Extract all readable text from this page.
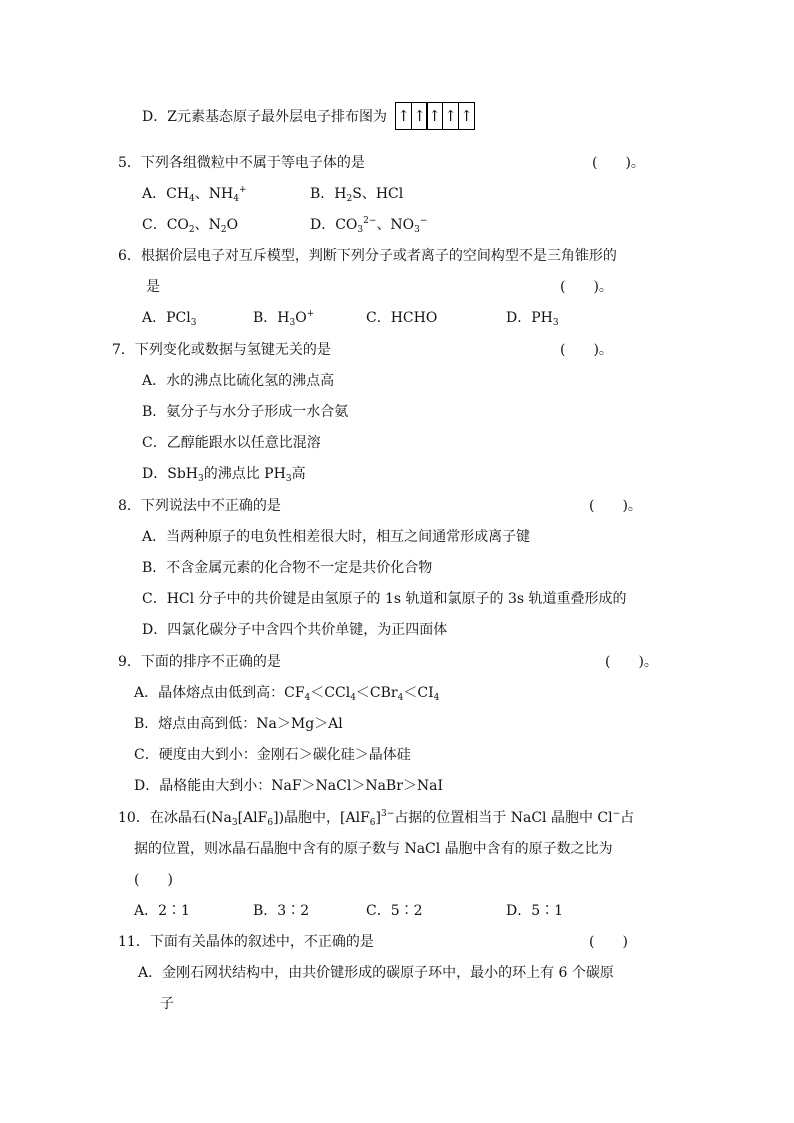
D．Z元素基态原子最外层电子排布图为 ↑ ↑ ↑ ↑ ↑
5．下列各组微粒中不属于等电子体的是	(　　)。
A．$CH_4$、$NH_4^+$	B．$H_2S$、HCl
C．$CO_2$、$N_2O$	D．$CO_3^{2-}$、$NO_3^-$
6．根据价层电子对互斥模型，判断下列分子或者离子的空间构型不是三角锥形的
是	(　　)。
A．PCl$_3$	B．$H_3O^+$	C．HCHO	D．$PH_3$
7．下列变化或数据与氢键无关的是	(　　)。
A．水的沸点比硫化氢的沸点高
B．氨分子与水分子形成一水合氨
C．乙醇能跟水以任意比混溶
D．SbH$_3$的沸点比 $PH_3$高
8．下列说法中不正确的是	(　　)。
A．当两种原子的电负性相差很大时，相互之间通常形成离子键
B．不含金属元素的化合物不一定是共价化合物
C．HCl 分子中的共价键是由氢原子的 1s 轨道和氯原子的 3s 轨道重叠形成的
D．四氯化碳分子中含四个共价单键，为正四面体
9．下面的排序不正确的是	(　　)。
A．晶体熔点由低到高：$CF_4<CCl_4<CBr_4<CI_4$
B．熔点由高到低：Na＞Mg＞Al
C．硬度由大到小：金刚石＞碳化硅＞晶体硅
D．晶格能由大到小：NaF＞NaCl＞NaBr＞NaI
10．在冰晶石$(Na_3[AlF_6])$晶胞中，$[AlF_6]^{3-}$占据的位置相当于 NaCl 晶胞中 Cl−占
据的位置，则冰晶石晶胞中含有的原子数与 NaCl 晶胞中含有的原子数之比为
(　　)
A．2∶1	B．3∶2	C．5∶2	D．5∶1
11．下面有关晶体的叙述中，不正确的是	(　　)
A．金刚石网状结构中，由共价键形成的碳原子环中，最小的环上有 6 个碳原
子
